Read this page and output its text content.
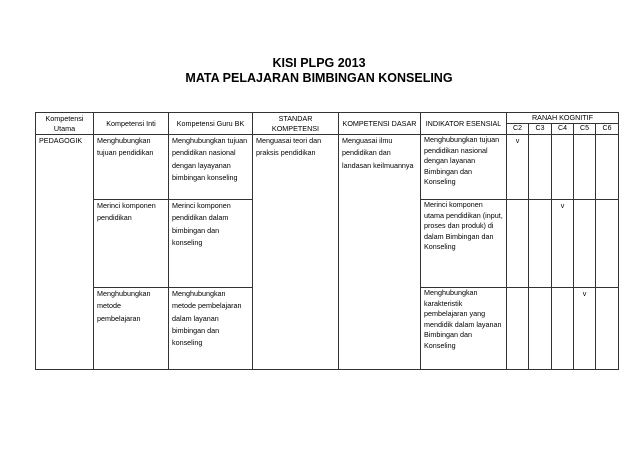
KISI PLPG 2013
MATA PELAJARAN BIMBINGAN KONSELING
Kompetensi Utama	Kompetensi Inti	Kompetensi Guru BK	STANDAR KOMPETENSI	KOMPETENSI DASAR	INDIKATOR ESENSIAL	RANAH KOGNITIF				
						C2	C3	C4	C5	C6
PEDAGOGIK	Menghubungkan tujuan pendidikan	Menghubungkan tujuan pendidikan nasional dengan layayanan bimbingan konseling	Menguasai teori dan praksis pendidikan	Menguasai ilmu pendidikan dan landasan keilmuannya	Menghubungkan tujuan pendidikan nasional dengan layanan Bimbingan dan Konseling	v				
	Merinci komponen pendidikan	Merinci komponen pendidikan dalam bimbingan dan konseling			Merinci komponen utama pendidikan (input, proses dan produk) di dalam Bimbingan dan Konseling			v		
	Menghubungkan metode pembelajaran	Menghubungkan metode pembelajaran dalam layanan bimbingan dan konseling			Menghubungkan karakteristik pembelajaran yang mendidik dalam layanan Bimbingan dan Konseling				v	
